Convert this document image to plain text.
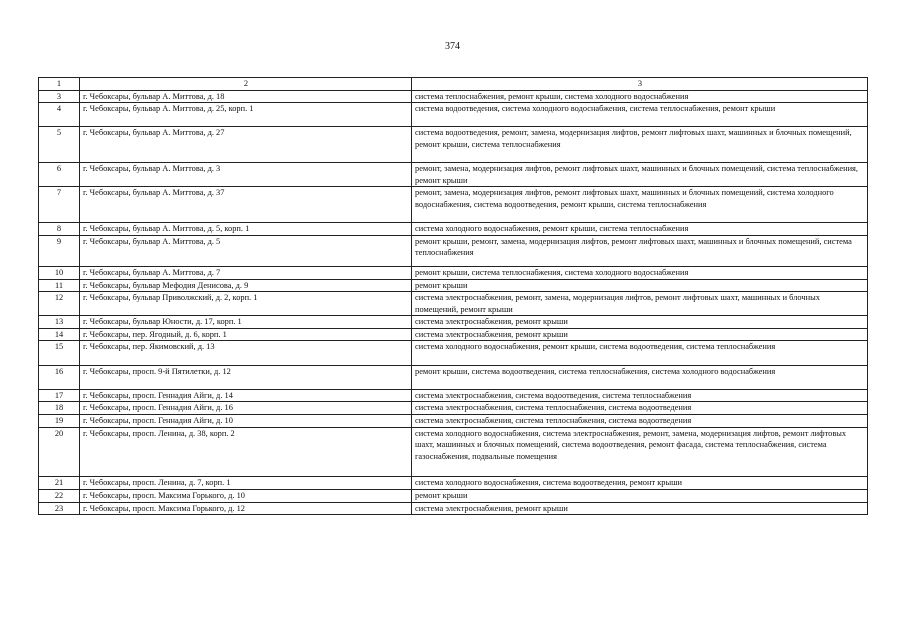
374
1	2	3
3	г. Чебоксары, бульвар А. Миттова, д. 18	система теплоснабжения, ремонт крыши, система холодного водоснабжения
4	г. Чебоксары, бульвар А. Миттова, д. 25, корп. 1	система водоотведения, система холодного водоснабжения, система теплоснабжения, ремонт крыши
5	г. Чебоксары, бульвар А. Миттова, д. 27	система водоотведения, ремонт, замена, модернизация лифтов, ремонт лифтовых шахт, машинных и блочных помещений, ремонт крыши, система теплоснабжения
6	г. Чебоксары, бульвар А. Миттова, д. 3	ремонт, замена, модернизация лифтов, ремонт лифтовых шахт, машинных и блочных помещений, система теплоснабжения, ремонт крыши
7	г. Чебоксары, бульвар А. Миттова, д. 37	ремонт, замена, модернизация лифтов, ремонт лифтовых шахт, машинных и блочных помещений, система холодного водоснабжения, система водоотведения, ремонт крыши, система теплоснабжения
8	г. Чебоксары, бульвар А. Миттова, д. 5, корп. 1	система холодного водоснабжения, ремонт крыши, система теплоснабжения
9	г. Чебоксары, бульвар А. Миттова, д. 5	ремонт крыши, ремонт, замена, модернизация лифтов, ремонт лифтовых шахт, машинных и блочных помещений, система теплоснабжения
10	г. Чебоксары, бульвар А. Миттова, д. 7	ремонт крыши, система теплоснабжения, система холодного водоснабжения
11	г. Чебоксары, бульвар Мефодия Денисова, д. 9	ремонт крыши
12	г. Чебоксары, бульвар Приволжский, д. 2, корп. 1	система электроснабжения, ремонт, замена, модернизация лифтов, ремонт лифтовых шахт, машинных и блочных помещений, ремонт крыши
13	г. Чебоксары, бульвар Юности, д. 17, корп. 1	система электроснабжения, ремонт крыши
14	г. Чебоксары, пер. Ягодный, д. 6, корп. 1	система электроснабжения, ремонт крыши
15	г. Чебоксары, пер. Якимовский, д. 13	система холодного водоснабжения, ремонт крыши, система водоотведения, система теплоснабжения
16	г. Чебоксары, просп. 9-й Пятилетки, д. 12	ремонт крыши, система водоотведения, система теплоснабжения, система холодного водоснабжения
17	г. Чебоксары, просп. Геннадия Айги, д. 14	система электроснабжения, система водоотведения, система теплоснабжения
18	г. Чебоксары, просп. Геннадия Айги, д. 16	система электроснабжения, система теплоснабжения, система водоотведения
19	г. Чебоксары, просп. Геннадия Айги, д. 10	система электроснабжения, система теплоснабжения, система водоотведения
20	г. Чебоксары, просп. Ленина, д. 38, корп. 2	система холодного водоснабжения, система электроснабжения, ремонт, замена, модернизация лифтов, ремонт лифтовых шахт, машинных и блочных помещений, система водоотведения, ремонт фасада, система теплоснабжения, система газоснабжения, подвальные помещения
21	г. Чебоксары, просп. Ленина, д. 7, корп. 1	система холодного водоснабжения, система водоотведения, ремонт крыши
22	г. Чебоксары, просп. Максима Горького, д. 10	ремонт крыши
23	г. Чебоксары, просп. Максима Горького, д. 12	система электроснабжения, ремонт крыши
